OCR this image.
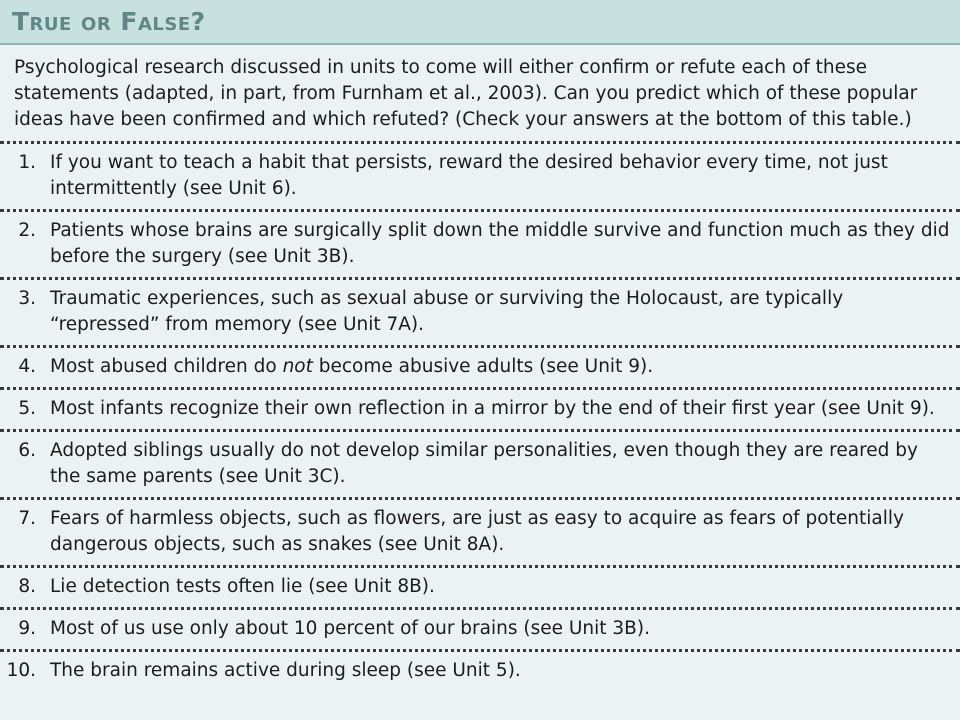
True or False?
Psychological research discussed in units to come will either confirm or refute each of these statements (adapted, in part, from Furnham et al., 2003). Can you predict which of these popular ideas have been confirmed and which refuted? (Check your answers at the bottom of this table.)
1. If you want to teach a habit that persists, reward the desired behavior every time, not just intermittently (see Unit 6).
2. Patients whose brains are surgically split down the middle survive and function much as they did before the surgery (see Unit 3B).
3. Traumatic experiences, such as sexual abuse or surviving the Holocaust, are typically “repressed” from memory (see Unit 7A).
4. Most abused children do not become abusive adults (see Unit 9).
5. Most infants recognize their own reflection in a mirror by the end of their first year (see Unit 9).
6. Adopted siblings usually do not develop similar personalities, even though they are reared by the same parents (see Unit 3C).
7. Fears of harmless objects, such as flowers, are just as easy to acquire as fears of potentially dangerous objects, such as snakes (see Unit 8A).
8. Lie detection tests often lie (see Unit 8B).
9. Most of us use only about 10 percent of our brains (see Unit 3B).
10. The brain remains active during sleep (see Unit 5).
